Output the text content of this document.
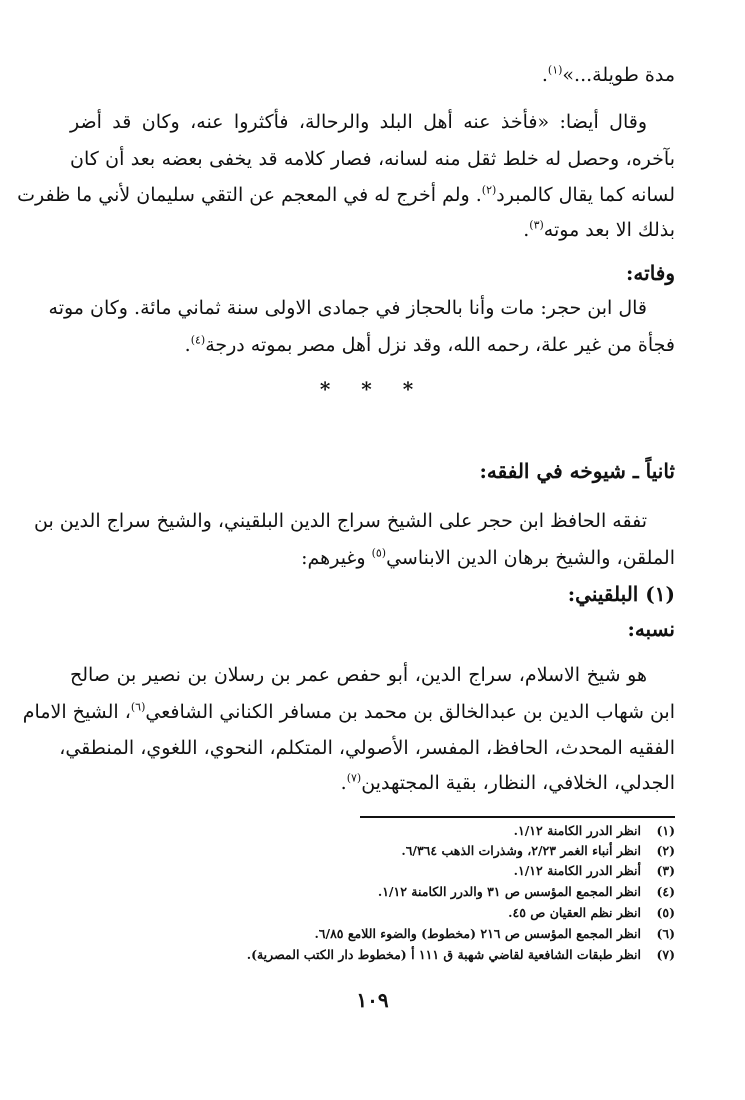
مدة طويلة...»$^{(١)}$.
وقال أيضا: «فأخذ عنه أهل البلد والرحالة، فأكثروا عنه، وكان قد أضر
بآخره، وحصل له خلط ثقل منه لسانه، فصار كلامه قد يخفى بعضه بعد أن كان
لسانه كما يقال كالمبرد$^{(٢)}$. ولم أخرج له في المعجم عن التقي سليمان لأني ما ظفرت
بذلك الا بعد موته$^{(٣)}$.
وفاته:
قال ابن حجر: مات وأنا بالحجاز في جمادى الاولى سنة ثماني مائة. وكان موته
فجأة من غير علة، رحمه الله، وقد نزل أهل مصر بموته درجة$^{(٤)}$.
* * *
ثانياً ـ شيوخه في الفقه:
تفقه الحافظ ابن حجر على الشيخ سراج الدين البلقيني، والشيخ سراج الدين بن
الملقن، والشيخ برهان الدين الابناسي$^{(٥)}$ وغيرهم:
(١) البلقيني:
نسبه:
هو شيخ الاسلام، سراج الدين، أبو حفص عمر بن رسلان بن نصير بن صالح
ابن شهاب الدين بن عبدالخالق بن محمد بن مسافر الكناني الشافعي$^{(٦)}$، الشيخ الامام
الفقيه المحدث، الحافظ، المفسر، الأصولي، المتكلم، النحوي، اللغوي، المنطقي،
الجدلي، الخلافي، النظار، بقية المجتهدين$^{(٧)}$.
(١)انظر الدرر الكامنة ١/١٢.
(٢)انظر أنباء الغمر ٢/٢٣، وشذرات الذهب ٦/٣٦٤.
(٣)أنظر الدرر الكامنة ١/١٢.
(٤)انظر المجمع المؤسس ص ٣١ والدرر الكامنة ١/١٢.
(٥)انظر نظم العقيان ص ٤٥.
(٦)انظر المجمع المؤسس ص ٢١٦ (مخطوط) والضوء اللامع ٦/٨٥.
(٧)انظر طبقات الشافعية لقاضي شهبة ق ١١١ أ (مخطوط دار الكتب المصرية).
١٠٩
